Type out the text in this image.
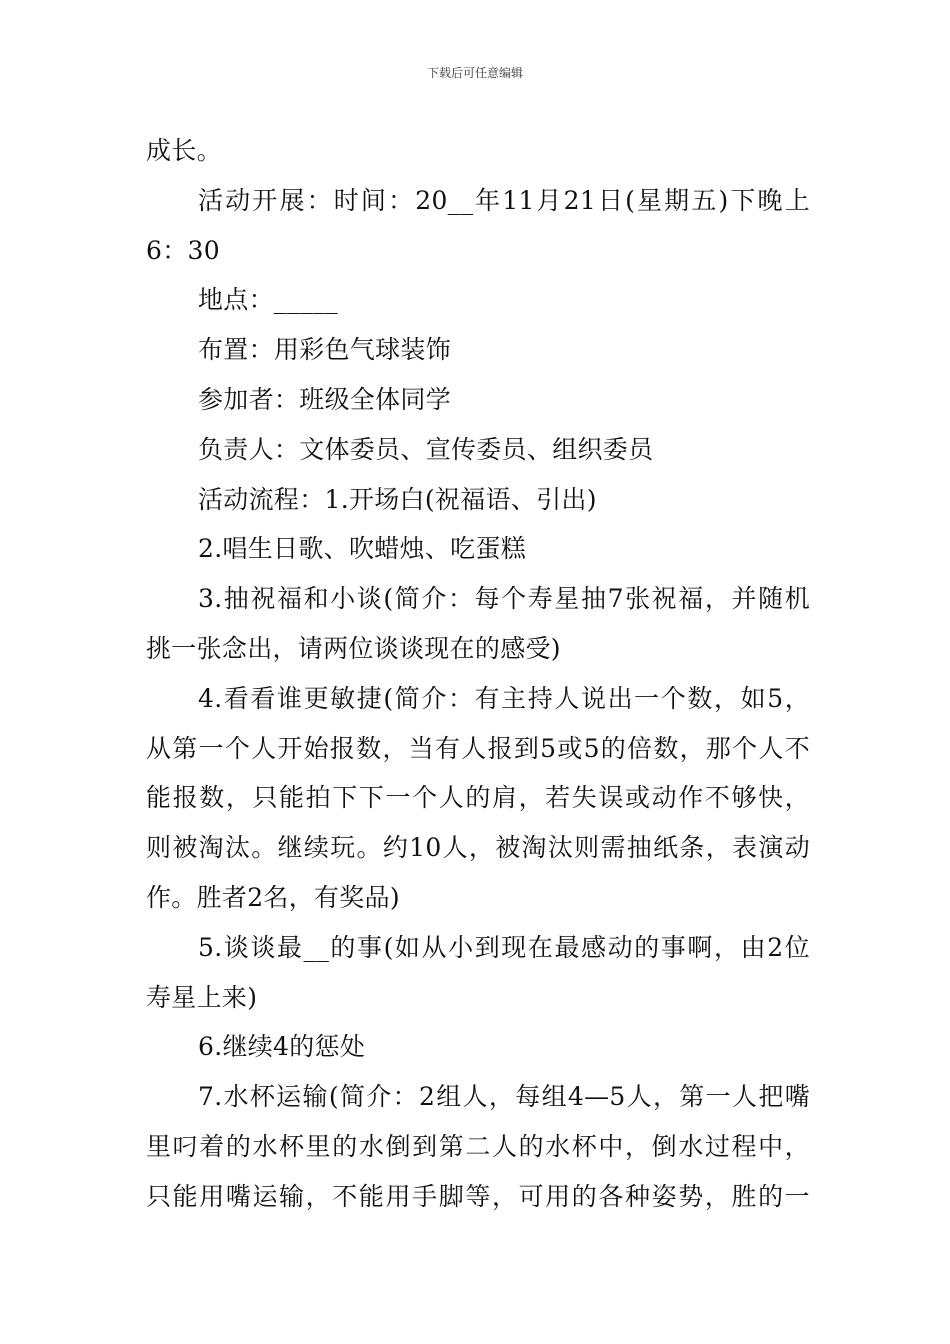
下载后可任意编辑
成长。
活动开展：时间：20__年11月21日(星期五)下晚上
6：30
地点：_____
布置：用彩色气球装饰
参加者：班级全体同学
负责人：文体委员、宣传委员、组织委员
活动流程：1.开场白(祝福语、引出)
2.唱生日歌、吹蜡烛、吃蛋糕
3.抽祝福和小谈(简介：每个寿星抽7张祝福，并随机
挑一张念出，请两位谈谈现在的感受)
4.看看谁更敏捷(简介：有主持人说出一个数，如5，
从第一个人开始报数，当有人报到5或5的倍数，那个人不
能报数，只能拍下下一个人的肩，若失误或动作不够快，
则被淘汰。继续玩。约10人，被淘汰则需抽纸条，表演动
作。胜者2名，有奖品)
5.谈谈最__的事(如从小到现在最感动的事啊，由2位
寿星上来)
6.继续4的惩处
7.水杯运输(简介：2组人，每组4—5人，第一人把嘴
里叼着的水杯里的水倒到第二人的水杯中，倒水过程中，
只能用嘴运输，不能用手脚等，可用的各种姿势，胜的一
